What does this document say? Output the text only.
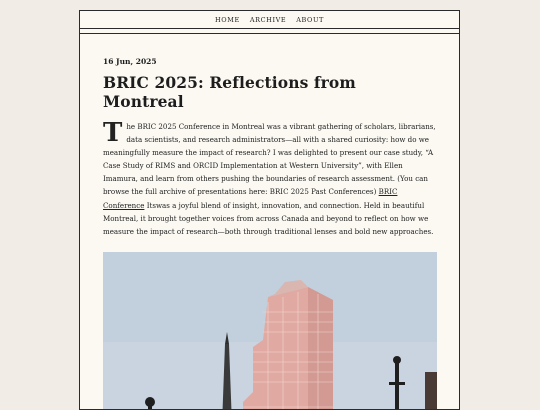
HOME ARCHIVE ABOUT
16 Jun, 2025
BRIC 2025: Reflections from Montreal
The BRIC 2025 Conference in Montreal was a vibrant gathering of scholars, librarians, data scientists, and research administrators—all with a shared curiosity: how do we meaningfully measure the impact of research? I was delighted to present our case study, “A Case Study of RIMS and ORCID Implementation at Western University”, with Ellen Imamura, and learn from others pushing the boundaries of research assessment. (You can browse the full archive of presentations here: BRIC 2025 Past Conferences) BRIC Conference Itswas a joyful blend of insight, innovation, and connection. Held in beautiful Montreal, it brought together voices from across Canada and beyond to reflect on how we measure the impact of research—both through traditional lenses and bold new approaches.
